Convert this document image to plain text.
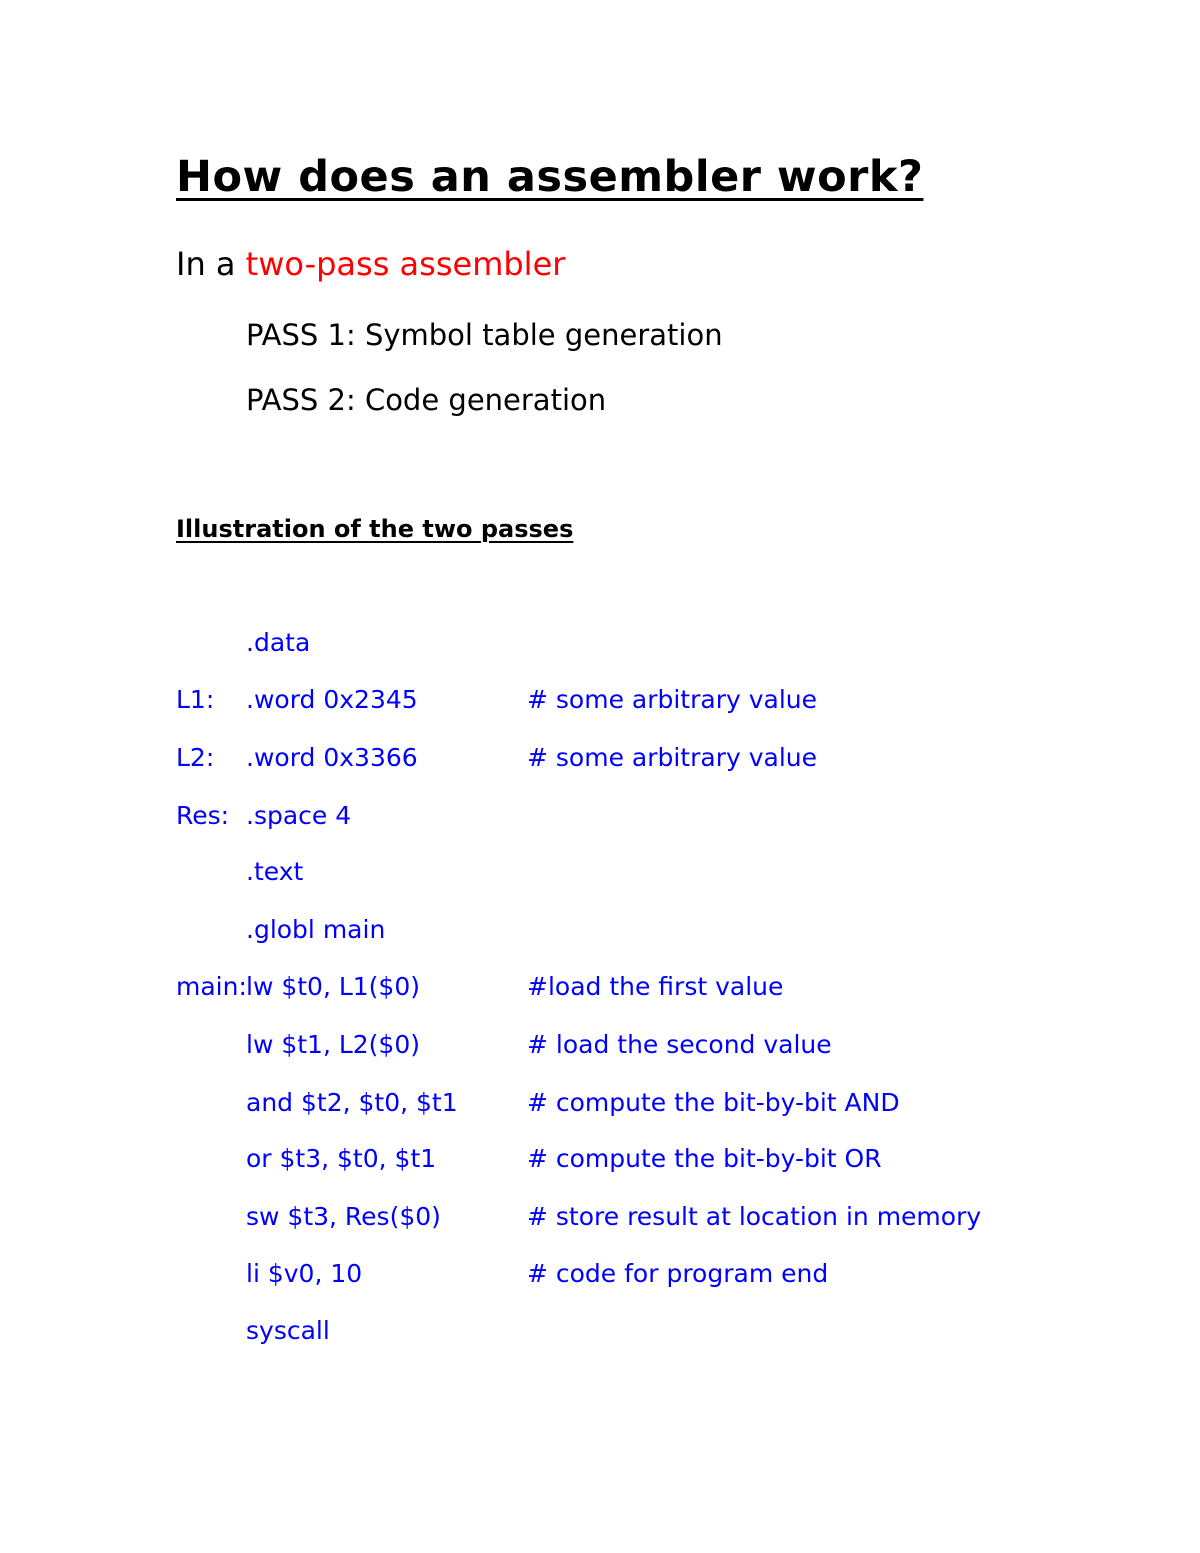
How does an assembler work?
In a two-pass assembler
PASS 1: Symbol table generation
PASS 2: Code generation
Illustration of the two passes
.data
L1: .word 0x2345	# some arbitrary value
L2: .word 0x3366	# some arbitrary value
Res: .space 4
.text
.globl main
main: lw $t0, L1($0)	#load the first value
lw $t1, L2($0)	# load the second value
and $t2, $t0, $t1	# compute the bit-by-bit AND
or $t3, $t0, $t1	# compute the bit-by-bit OR
sw $t3, Res($0)	# store result at location in memory
li $v0, 10	# code for program end
syscall
